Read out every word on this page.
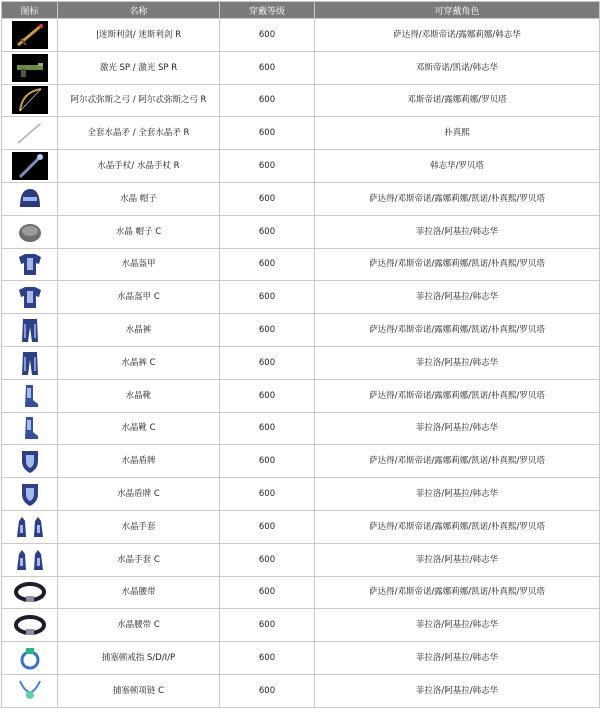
图标	名称	穿戴等级	可穿戴角色

	|迷斯利剑/ 迷斯利剑 R	600	萨达得/邓斯帝诺/露娜莉娜/韩志华

	激光 SP / 激光 SP R	600	邓斯帝诺/凯诺/韩志华

	阿尔忒弥斯之弓 / 阿尔忒弥斯之弓 R	600	邓斯帝诺/露娜莉娜/罗贝塔

	全套水晶矛 / 全套水晶矛 R	600	朴真熙

	水晶手杖/ 水晶手杖 R	600	韩志华/罗贝塔

	水晶 帽子	600	萨达得/邓斯帝诺/露娜莉娜/凯诺/朴真熙/罗贝塔

	水晶 帽子 C	600	菲拉洛/阿基拉/韩志华

	水晶盔甲	600	萨达得/邓斯帝诺/露娜莉娜/凯诺/朴真熙/罗贝塔

	水晶盔甲 C	600	菲拉洛/阿基拉/韩志华

	水晶裤	600	萨达得/邓斯帝诺/露娜莉娜/凯诺/朴真熙/罗贝塔

	水晶裤 C	600	菲拉洛/阿基拉/韩志华

	水晶靴	600	萨达得/邓斯帝诺/露娜莉娜/凯诺/朴真熙/罗贝塔

	水晶靴 C	600	菲拉洛/阿基拉/韩志华

	水晶盾牌	600	萨达得/邓斯帝诺/露娜莉娜/凯诺/朴真熙/罗贝塔

	水晶盾牌 C	600	菲拉洛/阿基拉/韩志华

	水晶手套	600	萨达得/邓斯帝诺/露娜莉娜/凯诺/朴真熙/罗贝塔

	水晶手套 C	600	菲拉洛/阿基拉/韩志华

	水晶腰带	600	萨达得/邓斯帝诺/露娜莉娜/凯诺/朴真熙/罗贝塔

	水晶腰带 C	600	菲拉洛/阿基拉/韩志华

	捕塞顿戒指 S/D/I/P	600	菲拉洛/阿基拉/韩志华

	捕塞顿项链 C	600	菲拉洛/阿基拉/韩志华
